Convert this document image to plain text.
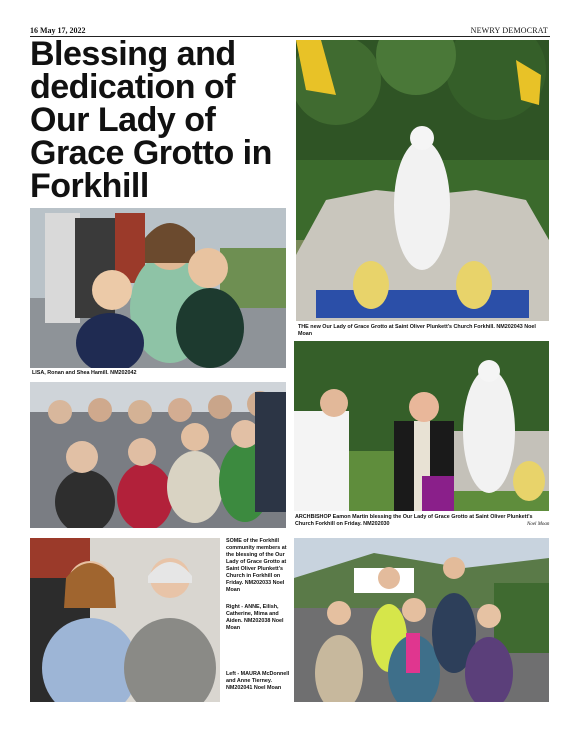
16 May 17, 2022	NEWRY DEMOCRAT
Blessing and dedication of Our Lady of Grace Grotto in Forkhill

THE new Our Lady of Grace Grotto at Saint Oliver Plunkett's Church Forkhill. NM202043 Noel Moan

LISA, Ronan and Shea Hamill. NM202042

ARCHBISHOP Eamon Martin blessing the Our Lady of Grace Grotto at Saint Oliver Plunkett's Church Forkhill on Friday. NM202030	Noel Moan

SOME of the Forkhill community members at the blessing of the Our Lady of Grace Grotto at Saint Oliver Plunkett's Church in Forkhill on Friday. NM202033 Noel Moan

Right - ANNE, Eilish, Catherine, Mima and Aiden. NM202038 Noel Moan

Left - MAURA McDonnell and Anne Tierney. NM202041 Noel Moan
